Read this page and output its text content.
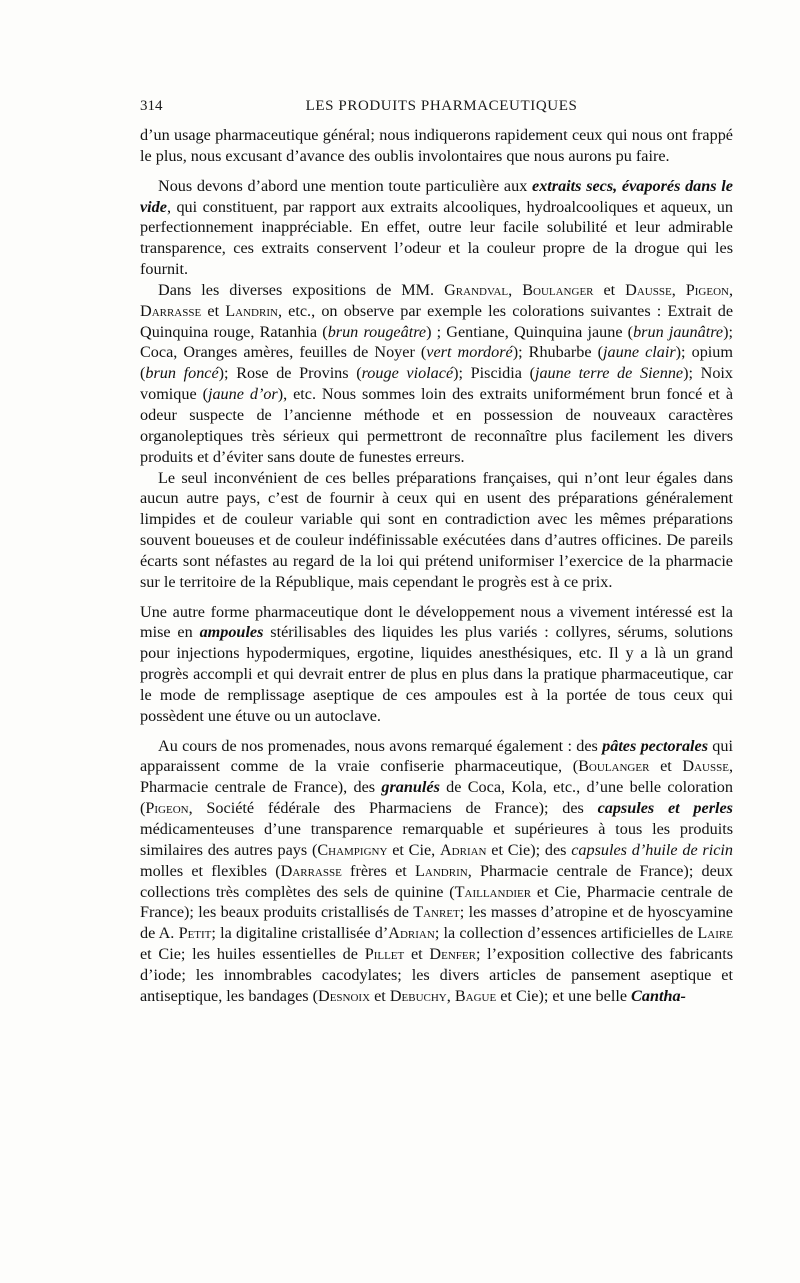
314	LES PRODUITS PHARMACEUTIQUES

d’un usage pharmaceutique général; nous indiquerons rapidement ceux qui nous ont frappé le plus, nous excusant d’avance des oublis involontaires que nous aurons pu faire.

Nous devons d’abord une mention toute particulière aux extraits secs, évaporés dans le vide, qui constituent, par rapport aux extraits alcooliques, hydroalcooliques et aqueux, un perfectionnement inappréciable. En effet, outre leur facile solubilité et leur admirable transparence, ces extraits conservent l’odeur et la couleur propre de la drogue qui les fournit.

Dans les diverses expositions de MM. Grandval, Boulanger et Dausse, Pigeon, Darrasse et Landrin, etc., on observe par exemple les colorations suivantes : Extrait de Quinquina rouge, Ratanhia (brun rougeâtre) ; Gentiane, Quinquina jaune (brun jaunâtre); Coca, Oranges amères, feuilles de Noyer (vert mordoré); Rhubarbe (jaune clair); opium (brun foncé); Rose de Provins (rouge violacé); Piscidia (jaune terre de Sienne); Noix vomique (jaune d’or), etc. Nous sommes loin des extraits uniformément brun foncé et à odeur suspecte de l’ancienne méthode et en possession de nouveaux caractères organoleptiques très sérieux qui permettront de reconnaître plus facilement les divers produits et d’éviter sans doute de funestes erreurs.

Le seul inconvénient de ces belles préparations françaises, qui n’ont leur égales dans aucun autre pays, c’est de fournir à ceux qui en usent des préparations généralement limpides et de couleur variable qui sont en contradiction avec les mêmes préparations souvent boueuses et de couleur indéfinissable exécutées dans d’autres officines. De pareils écarts sont néfastes au regard de la loi qui prétend uniformiser l’exercice de la pharmacie sur le territoire de la République, mais cependant le progrès est à ce prix.

Une autre forme pharmaceutique dont le développement nous a vivement intéressé est la mise en ampoules stérilisables des liquides les plus variés : collyres, sérums, solutions pour injections hypodermiques, ergotine, liquides anesthésiques, etc. Il y a là un grand progrès accompli et qui devrait entrer de plus en plus dans la pratique pharmaceutique, car le mode de remplissage aseptique de ces ampoules est à la portée de tous ceux qui possèdent une étuve ou un autoclave.

Au cours de nos promenades, nous avons remarqué également : des pâtes pectorales qui apparaissent comme de la vraie confiserie pharmaceutique, (Boulanger et Dausse, Pharmacie centrale de France), des granulés de Coca, Kola, etc., d’une belle coloration (Pigeon, Société fédérale des Pharmaciens de France); des capsules et perles médicamenteuses d’une transparence remarquable et supérieures à tous les produits similaires des autres pays (Champigny et Cie, Adrian et Cie); des capsules d’huile de ricin molles et flexibles (Darrasse frères et Landrin, Pharmacie centrale de France); deux collections très complètes des sels de quinine (Taillandier et Cie, Pharmacie centrale de France); les beaux produits cristallisés de Tanret; les masses d’atropine et de hyoscyamine de A. Petit; la digitaline cristallisée d’Adrian; la collection d’essences artificielles de Laire et Cie; les huiles essentielles de Pillet et Denfer; l’exposition collective des fabricants d’iode; les innombrables cacodylates; les divers articles de pansement aseptique et antiseptique, les bandages (Desnoix et Debuchy, Bague et Cie); et une belle Cantha-
